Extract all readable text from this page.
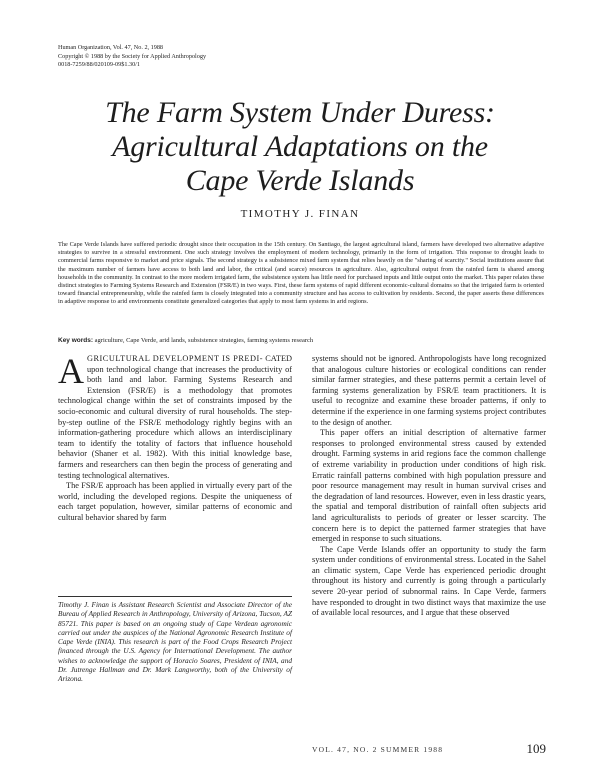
Human Organization, Vol. 47, No. 2, 1988
Copyright © 1988 by the Society for Applied Anthropology
0018-7259/88/020109-09$1.30/1
The Farm System Under Duress:
Agricultural Adaptations on the
Cape Verde Islands
TIMOTHY J. FINAN
The Cape Verde Islands have suffered periodic drought since their occupation in the 15th century. On Santiago, the largest agricultural island, farmers have developed two alternative adaptive strategies to survive in a stressful environment. One such strategy involves the employment of modern technology, primarily in the form of irrigation. This response to drought leads to commercial farms responsive to market and price signals. The second strategy is a subsistence mixed farm system that relies heavily on the "sharing of scarcity." Social institutions assure that the maximum number of farmers have access to both land and labor, the critical (and scarce) resources in agriculture. Also, agricultural output from the rainfed farm is shared among households in the community. In contrast to the more modern irrigated farm, the subsistence system has little need for purchased inputs and little output onto the market. This paper relates these distinct strategies to Farming Systems Research and Extension (FSR/E) in two ways. First, these farm systems of rapid different economic-cultural domains so that the irrigated farm is oriented toward financial entrepreneurship, while the rainfed farm is closely integrated into a community structure and has access to cultivation by residents. Second, the paper asserts these differences in adaptive response to arid environments constitute generalized categories that apply to most farm systems in arid regions.
Key words: agriculture, Cape Verde, arid lands, subsistence strategies, farming systems research

AGRICULTURAL DEVELOPMENT IS PREDI- CATED upon technological change that increases the productivity of both land and labor. Farming Systems Research and Extension (FSR/E) is a methodology that promotes technological change within the set of constraints imposed by the socio-economic and cultural diversity of rural households. The step-by-step outline of the FSR/E methodology rightly begins with an information-gathering procedure which allows an interdisciplinary team to identify the totality of factors that influence household behavior (Shaner et al. 1982). With this initial knowledge base, farmers and researchers can then begin the process of generating and testing technological alternatives.

The FSR/E approach has been applied in virtually every part of the world, including the developed regions. Despite the uniqueness of each target population, however, similar patterns of economic and cultural behavior shared by farm

Timothy J. Finan is Assistant Research Scientist and Associate Director of the Bureau of Applied Research in Anthropology, University of Arizona, Tucson, AZ 85721. This paper is based on an ongoing study of Cape Verdean agronomic carried out under the auspices of the National Agronomic Research Institute of Cape Verde (INIA). This research is part of the Food Crops Research Project financed through the U.S. Agency for International Development. The author wishes to acknowledge the support of Horacio Soares, President of INIA, and Dr. Jutrenge Hallman and Dr. Mark Langworthy, both of the University of Arizona.

systems should not be ignored. Anthropologists have long recognized that analogous culture histories or ecological conditions can render similar farmer strategies, and these patterns permit a certain level of farming systems generalization by FSR/E team practitioners. It is useful to recognize and examine these broader patterns, if only to determine if the experience in one farming systems project contributes to the design of another.

This paper offers an initial description of alternative farmer responses to prolonged environmental stress caused by extended drought. Farming systems in arid regions face the common challenge of extreme variability in production under conditions of high risk. Erratic rainfall patterns combined with high population pressure and poor resource management may result in human survival crises and the degradation of land resources. However, even in less drastic years, the spatial and temporal distribution of rainfall often subjects arid land agriculturalists to periods of greater or lesser scarcity. The concern here is to depict the patterned farmer strategies that have emerged in response to such situations.

The Cape Verde Islands offer an opportunity to study the farm system under conditions of environmental stress. Located in the Sahel an climatic system, Cape Verde has experienced periodic drought throughout its history and currently is going through a particularly severe 20-year period of subnormal rains. In Cape Verde, farmers have responded to drought in two distinct ways that maximize the use of available local resources, and I argue that these observed

VOL. 47, NO. 2 SUMMER 1988	109
